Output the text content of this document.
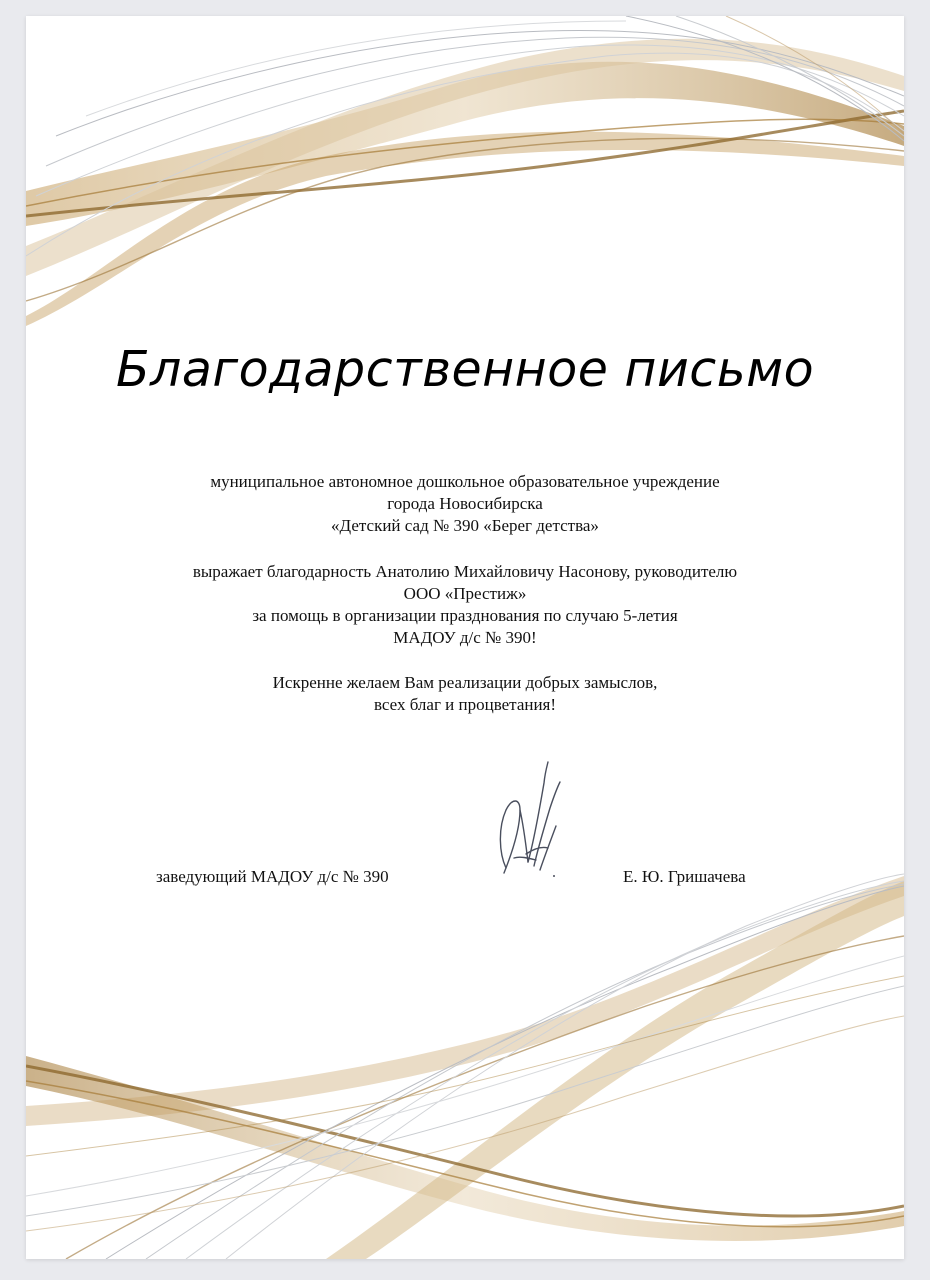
Благодарственное письмо
муниципальное автономное дошкольное образовательное учреждение
города Новосибирска
«Детский сад № 390 «Берег детства»
выражает благодарность Анатолию Михайловичу Насонову, руководителю
ООО «Престиж»
за помощь в организации празднования по случаю 5-летия
МАДОУ д/с № 390!
Искренне желаем Вам реализации добрых замыслов,
всех благ и процветания!
заведующий МАДОУ д/с № 390	Е. Ю. Гришачева
